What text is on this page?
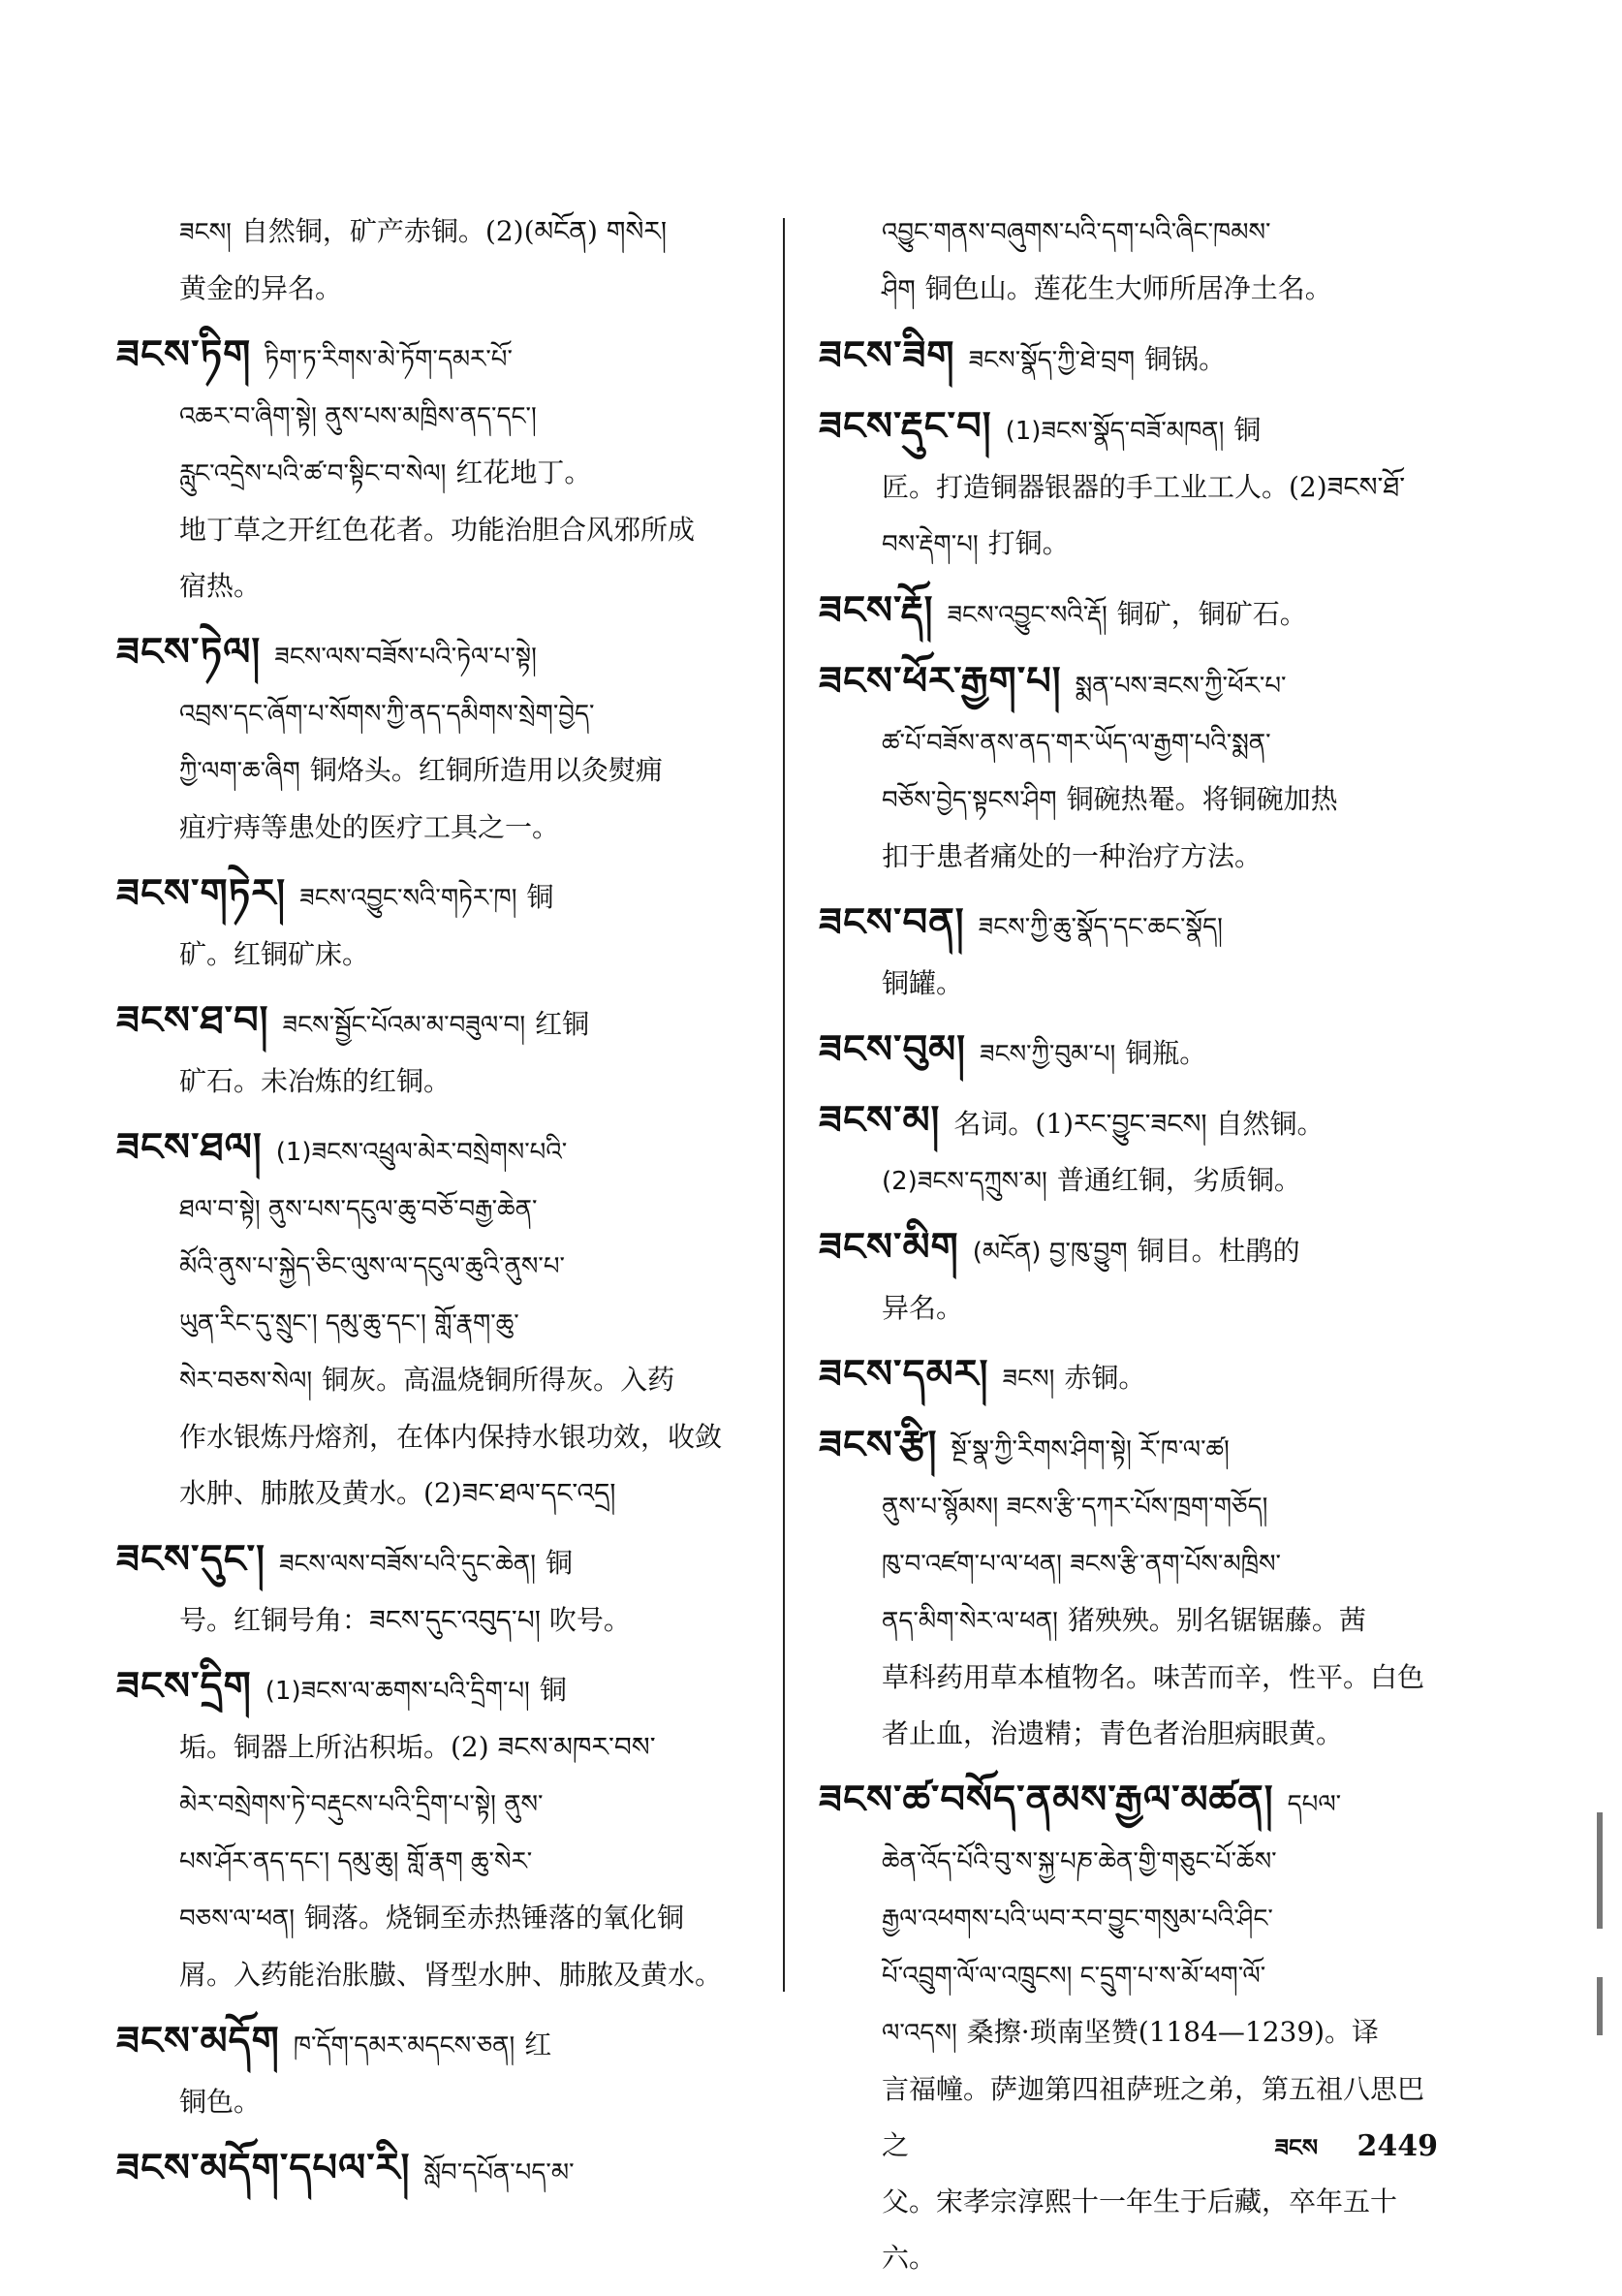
ཟངས། 自然铜，矿产赤铜。(2)(མངོན) གསེར།
黄金的异名。
ཟངས་ཏིག ཏིག་ཏ་རིགས་མེ་ཏོག་དམར་པོ་
འཆར་བ་ཞིག་སྟེ། ནུས་པས་མཁྲིས་ནད་དང་།
རླུང་འདྲེས་པའི་ཚ་བ་སྟིང་བ་སེལ། 红花地丁。
地丁草之开红色花者。功能治胆合风邪所成
宿热。
ཟངས་ཏེལ། ཟངས་ལས་བཟོས་པའི་ཏེལ་པ་སྟེ།
འབྲས་དང་ཞོག་པ་སོགས་ཀྱི་ནད་དམིགས་སྲེག་བྱེད་
ཀྱི་ལག་ཆ་ཞིག 铜烙头。红铜所造用以灸熨痈
疽疔痔等患处的医疗工具之一。
ཟངས་གཏེར། ཟངས་འབྱུང་སའི་གཏེར་ཁ། 铜
矿。红铜矿床。
ཟངས་ཐ་བ། ཟངས་སྦྱོང་པོའམ་མ་བཟུལ་བ། 红铜
矿石。未冶炼的红铜。
ཟངས་ཐལ། (1)ཟངས་འཕྲུལ་མེར་བསྲེགས་པའི་
ཐལ་བ་སྟེ། ནུས་པས་དངུལ་ཆུ་བཅོ་བརྒྱ་ཆེན་
མོའི་ནུས་པ་སྐྱེད་ཅིང་ལུས་ལ་དངུལ་ཆུའི་ནུས་པ་
ཡུན་རིང་དུ་སྲུང་། དམུ་ཆུ་དང་། གློ་རྣག་ཆུ་
སེར་བཅས་སེལ། 铜灰。高温烧铜所得灰。入药
作水银炼丹熔剂，在体内保持水银功效，收敛
水肿、肺脓及黄水。(2)ཟང་ཐལ་དང་འདྲ།
ཟངས་དུང་། ཟངས་ལས་བཟོས་པའི་དུང་ཆེན། 铜
号。红铜号角：ཟངས་དུང་འབུད་པ། 吹号。
ཟངས་དྲིག (1)ཟངས་ལ་ཆགས་པའི་དྲིག་པ། 铜
垢。铜器上所沾积垢。(2) ཟངས་མཁར་བས་
མེར་བསྲེགས་ཏེ་བརྡུངས་པའི་དྲིག་པ་སྟེ། ནུས་
པས་ཤོར་ནད་དང་། དམུ་ཆུ། གློ་རྣག ཆུ་སེར་
བཅས་ལ་ཕན། 铜落。烧铜至赤热锤落的氧化铜
屑。入药能治胀臌、肾型水肿、肺脓及黄水。
ཟངས་མདོག ཁ་དོག་དམར་མདངས་ཅན། 红
铜色。
ཟངས་མདོག་དཔལ་རི། སློབ་དཔོན་པད་མ་
འབྱུང་གནས་བཞུགས་པའི་དག་པའི་ཞིང་ཁམས་
ཤིག 铜色山。莲花生大师所居净土名。
ཟངས་ཟིག ཟངས་སྣོད་ཀྱི་ཐེ་བྲག 铜锅。
ཟངས་རྡུང་བ། (1)ཟངས་སྣོད་བཟོ་མཁན། 铜
匠。打造铜器银器的手工业工人。(2)ཟངས་ཐོ་
བས་རྡེག་པ། 打铜。
ཟངས་རྡོ། ཟངས་འབྱུང་སའི་རྡོ། 铜矿，铜矿石。
ཟངས་ཕོར་རྒྱག་པ། སྨན་པས་ཟངས་ཀྱི་ཕོར་པ་
ཚ་པོ་བཟོས་ནས་ནད་གར་ཡོད་ལ་རྒྱག་པའི་སྨན་
བཅོས་བྱེད་སྟངས་ཤིག 铜碗热罨。将铜碗加热
扣于患者痛处的一种治疗方法。
ཟངས་བན། ཟངས་ཀྱི་ཆུ་སྣོད་དང་ཆང་སྣོད།
铜罐。
ཟངས་བུམ། ཟངས་ཀྱི་བུམ་པ། 铜瓶。
ཟངས་མ། 名词。(1)རང་བྱུང་ཟངས། 自然铜。
(2)ཟངས་དཀྲུས་མ། 普通红铜，劣质铜。
ཟངས་མིག (མངོན) བྱ་ཁུ་བྱུག 铜目。杜鹃的
异名。
ཟངས་དམར། ཟངས། 赤铜。
ཟངས་རྩི། སྔོ་སྣ་ཀྱི་རིགས་ཤིག་སྟེ། རོ་ཁ་ལ་ཚ།
ནུས་པ་སྙོམས། ཟངས་རྩི་དཀར་པོས་ཁྲག་གཅོད།
ཁུ་བ་འཛག་པ་ལ་ཕན། ཟངས་རྩི་ནག་པོས་མཁྲིས་
ནད་མིག་སེར་ལ་ཕན། 猪殃殃。别名锯锯藤。茜
草科药用草本植物名。味苦而辛，性平。白色
者止血，治遗精；青色者治胆病眼黄。
ཟངས་ཚ་བསོད་ནམས་རྒྱལ་མཚན། དཔལ་
ཆེན་འོད་པོའི་བུ་ས་སྐྱ་པཎ་ཆེན་གྱི་གཅུང་པོ་ཆོས་
རྒྱལ་འཕགས་པའི་ཡབ་རབ་བྱུང་གསུམ་པའི་ཤིང་
པོ་འབྲུག་ལོ་ལ་འཁྲུངས། ང་དྲུག་པ་ས་མོ་ཕག་ལོ་
ལ་འདས། 桑擦·琐南坚赞(1184—1239)。译
言福幢。萨迦第四祖萨班之弟，第五祖八思巴之
父。宋孝宗淳熙十一年生于后藏，卒年五十六。
ཟངས 2449
